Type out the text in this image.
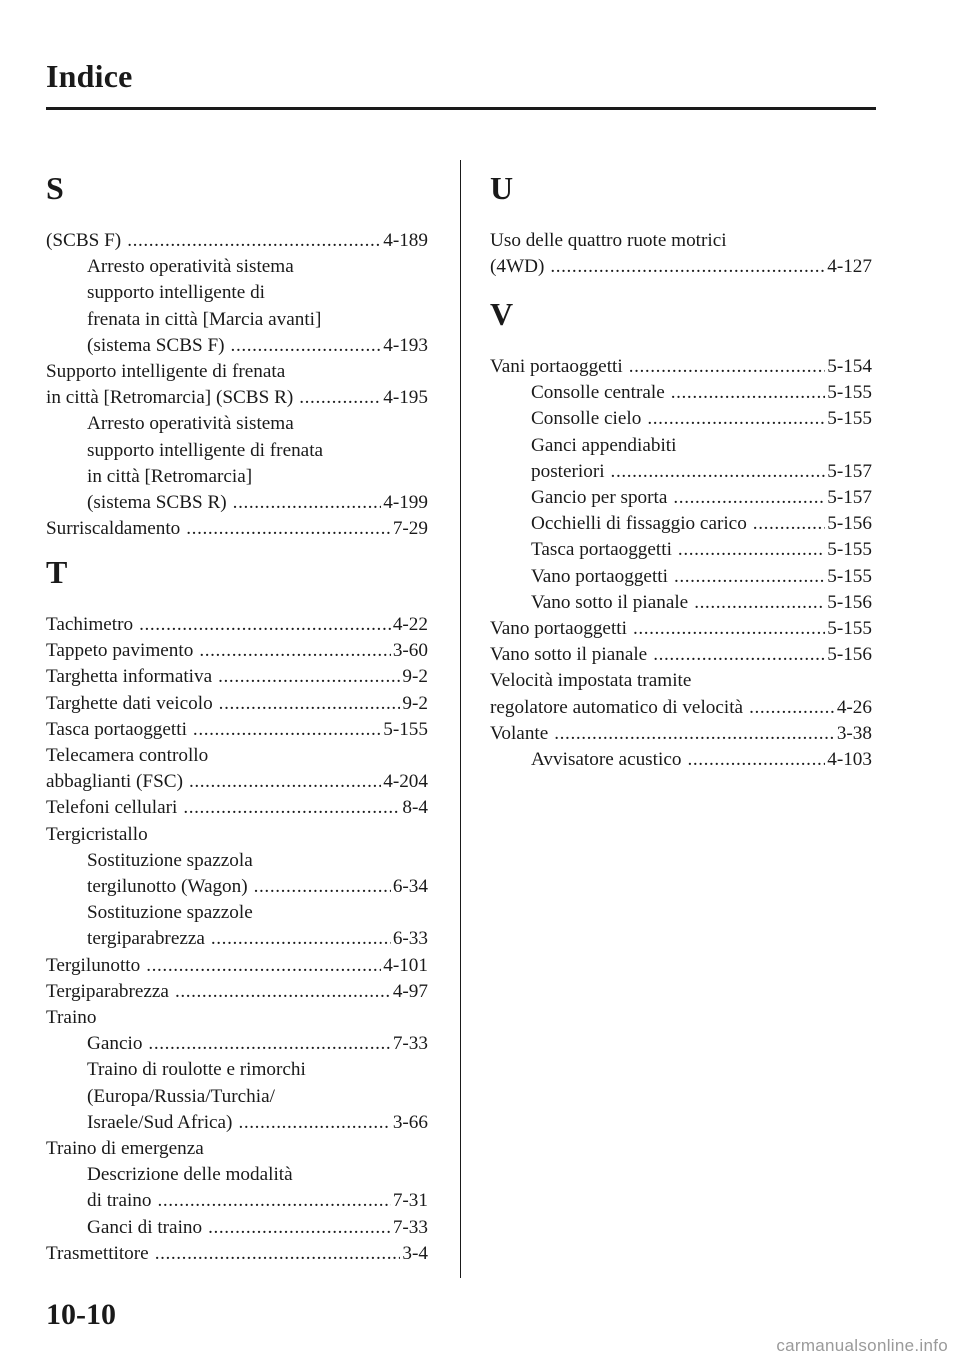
Indice
S
(SCBS F) .....	4-189
Arresto operatività sistema
supporto intelligente di
frenata in città [Marcia avanti]
(sistema SCBS F) .....	4-193
Supporto intelligente di frenata
in città [Retromarcia] (SCBS R) .....	4-195
Arresto operatività sistema
supporto intelligente di frenata
in città [Retromarcia]
(sistema SCBS R) .....	4-199
Surriscaldamento .....	7-29
T
Tachimetro .....	4-22
Tappeto pavimento .....	3-60
Targhetta informativa .....	9-2
Targhette dati veicolo .....	9-2
Tasca portaoggetti .....	5-155
Telecamera controllo
abbaglianti (FSC) .....	4-204
Telefoni cellulari .....	8-4
Tergicristallo
Sostituzione spazzola
tergilunotto (Wagon) .....	6-34
Sostituzione spazzole
tergiparabrezza .....	6-33
Tergilunotto .....	4-101
Tergiparabrezza .....	4-97
Traino
Gancio .....	7-33
Traino di roulotte e rimorchi
(Europa/Russia/Turchia/
Israele/Sud Africa) .....	3-66
Traino di emergenza
Descrizione delle modalità
di traino .....	7-31
Ganci di traino .....	7-33
Trasmettitore .....	3-4
U
Uso delle quattro ruote motrici
(4WD) .....	4-127
V
Vani portaoggetti .....	5-154
Consolle centrale .....	5-155
Consolle cielo .....	5-155
Ganci appendiabiti
posteriori .....	5-157
Gancio per sporta .....	5-157
Occhielli di fissaggio carico .....	5-156
Tasca portaoggetti .....	5-155
Vano portaoggetti .....	5-155
Vano sotto il pianale .....	5-156
Vano portaoggetti .....	5-155
Vano sotto il pianale .....	5-156
Velocità impostata tramite
regolatore automatico di velocità .....	4-26
Volante .....	3-38
Avvisatore acustico .....	4-103
10-10
carmanualsonline.info
